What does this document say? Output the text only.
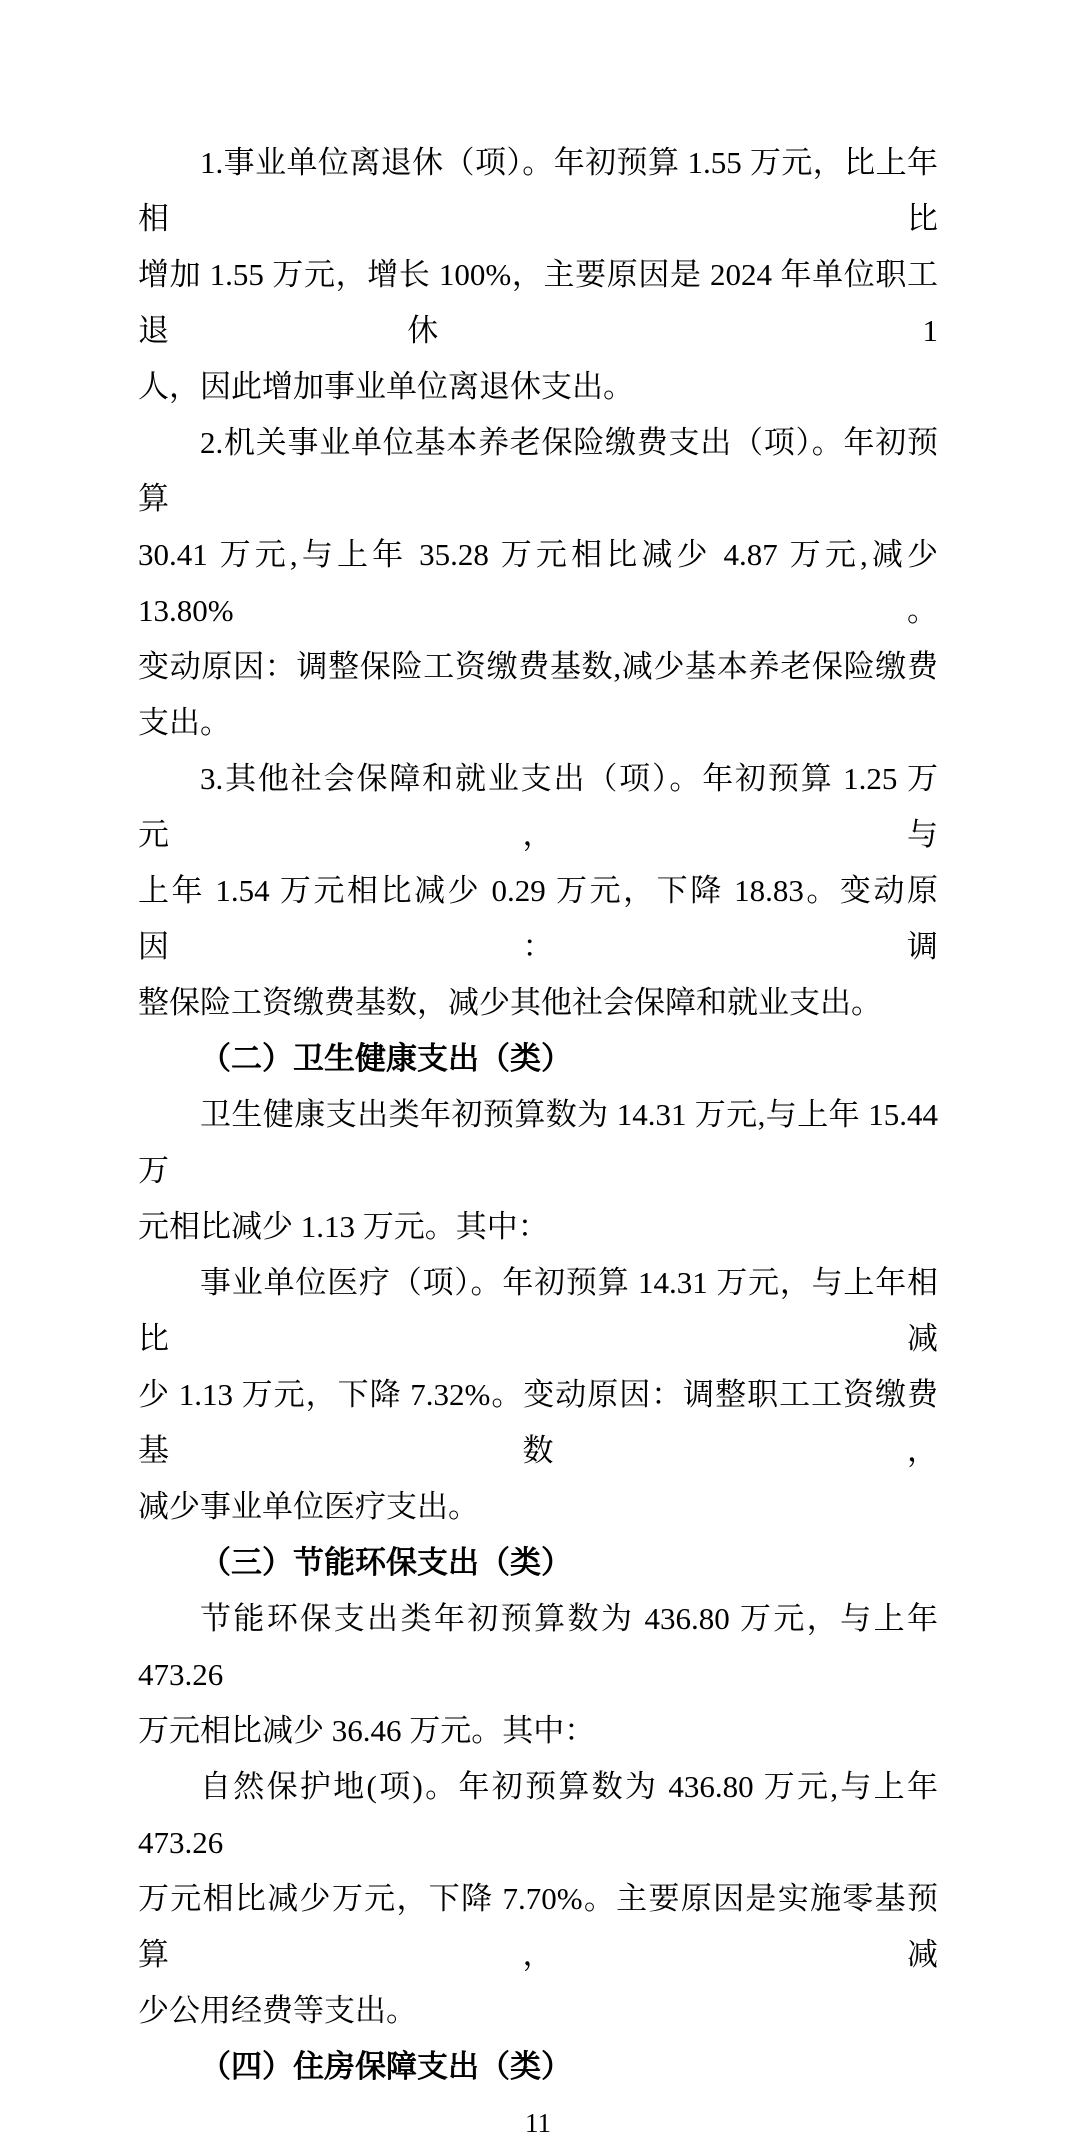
1.事业单位离退休（项）。年初预算 1.55 万元，比上年相比
增加 1.55 万元，增长 100%，主要原因是 2024 年单位职工退休 1
人，因此增加事业单位离退休支出。
2.机关事业单位基本养老保险缴费支出（项）。年初预算
30.41 万元,与上年 35.28 万元相比减少 4.87 万元,减少 13.80%。
变动原因：调整保险工资缴费基数,减少基本养老保险缴费支出。
3.其他社会保障和就业支出（项）。年初预算 1.25 万元，与
上年 1.54 万元相比减少 0.29 万元，下降 18.83。变动原因：调
整保险工资缴费基数，减少其他社会保障和就业支出。
（二）卫生健康支出（类）
卫生健康支出类年初预算数为 14.31 万元,与上年 15.44 万
元相比减少 1.13 万元。其中：
事业单位医疗（项）。年初预算 14.31 万元，与上年相比减
少 1.13 万元，下降 7.32%。变动原因：调整职工工资缴费基数，
减少事业单位医疗支出。
（三）节能环保支出（类）
节能环保支出类年初预算数为 436.80 万元，与上年 473.26
万元相比减少 36.46 万元。其中：
自然保护地(项)。年初预算数为 436.80 万元,与上年 473.26
万元相比减少万元，下降 7.70%。主要原因是实施零基预算，减
少公用经费等支出。
（四）住房保障支出（类）
11
